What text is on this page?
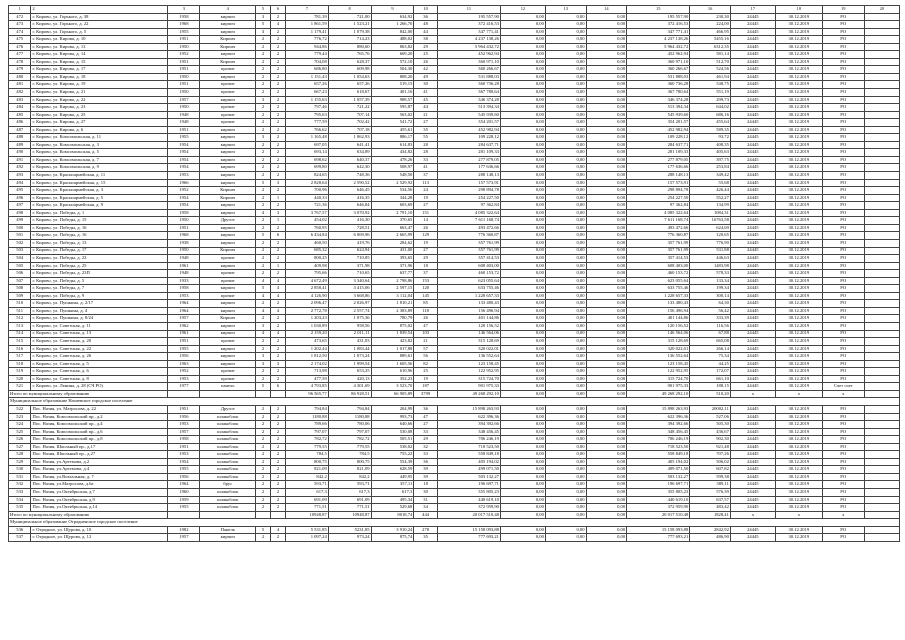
1	2	3	4	5	6	7	8	9	10	11	12	13	14	15	16	17	18	19	20
472	г. Кирово, ул. Горького, д. 38	1958	кирпич	3	2	781,39	721,00	634,92	36	195 557,90	0,00	0,00	0,00	195 557,90	230,30	24445	30.12.2019	РО	
473	г. Кирово, ул. Горького, д. 22	1968	кирпич	5	4	1 861,59	1 523,21	1 266,70	48	372 416,53	0,00	0,00	0,00	372 416,53	224,00	24445	30.12.2019	РО	
474	г. Кирово, ул. Горького, д. 5	1955	кирпич	3	2	1 179,41	1 079,38	842,00	44	347 771,41	0,00	0,00	0,00	347 771,41	466,95	24445	30.12.2019	РО	
475	г. Кирово, ул. Кирова, д. 10	1951	Кирпич	2	2	776,72	714,23	488,02	38	4 237 138,26	0,00	0,00	0,00	4 237 138,26	5455,16	24445	30.12.2019	РО	
476	г. Кирово, ул. Кирова, д. 13	1950	Кирпич	2	2	944,86	880,60	863,82	29	5 964 432,72	0,00	0,00	0,00	5 964 432,72	6312,35	24445	30.12.2019	РО	
477	г. Кирово, ул. Кирова, д. 14	1952	кирпич	2	2	779,44	765,76	669,20	25	452 962,94	0,00	0,00	0,00	452 962,94	581,14	24445	30.12.2019	РО	
478	г. Кирово, ул. Кирова, д. 15	1951	Кирпич	2	2	704,08	628,37	572,10	26	360 971,10	0,00	0,00	0,00	360 971,10	512,70	24445	30.12.2019	РО	
479	г. Кирово, ул. Кирова, д. 17	1951	прочие	2	2	686,80	609,98	504,30	42	360 266,67	0,00	0,00	0,00	360 266,67	524,56	24445	30.12.2019	РО	
480	г. Кирово, ул. Кирова, д. 18	1950	кирпич	2	2	1 151,43	1 054,63	808,20	49	531 888,03	0,00	0,00	0,00	531 888,03	461,94	24445	30.12.2019	РО	
481	г. Кирово, ул. Кирова, д. 19	1951	прочие	2	2	657,26	657,26	519,15	30	360 736,28	0,00	0,00	0,00	360 736,28	548,75	24445	30.12.2019	РО	
482	г. Кирово, ул. Кирова, д. 21	1950	прочие	2	2	667,23	618,67	401,16	41	367 780,64	0,00	0,00	0,00	367 780,64	551,19	24445	30.12.2019	РО	
483	г. Кирово, ул. Кирова, д. 22	1957	кирпич	3	2	1 155,63	1 057,39	988,57	45	346 374,28	0,00	0,00	0,00	346 374,28	299,73	24445	30.12.2019	РО	
484	г. Кирово, ул. Кирова, д. 23	1950	прочие	2	2	797,46	721,22	595,87	44	513 394,34	0,00	0,00	0,00	513 394,34	644,02	24445	30.12.2019	РО	
485	г. Кирово, ул. Кирова, д. 25	1948	прочие	2	2	795,63	707,14	563,02	21	545 939,60	0,00	0,00	0,00	545 939,60	686,16	24445	30.12.2019	РО	
486	г. Кирово, ул. Кирова, д. 27	1948	прочие	2	2	777,59	702,42	541,72	27	354 201,57	0,00	0,00	0,00	354 201,57	455,64	24445	30.12.2019	РО	
487	г. Кирово, ул. Кирова, д. 6	1951	кирпич	2	2	766,62	707,18	455,61	35	452 982,94	0,00	0,00	0,00	452 982,94	589,35	24445	30.12.2019	РО	
488	г. Кирово, ул. Комсомольская, д. 11	1955	кирпич	3	2	1 165,48	1 062,93	886,17	55	109 228,12	0,00	0,00	0,00	109 228,12	93,72	24445	30.12.2019	РО	
489	г. Кирово, ул. Комсомольская, д. 3	1954	кирпич	2	2	697,05	641,41	614,83	28	284 637,71	0,00	0,00	0,00	284 637,71	408,35	24445	30.12.2019	РО	
490	г. Кирово, ул. Комсомольская, д. 5	1954	кирпич	2	2	693,14	634,89	434,82	28	281 109,33	0,00	0,00	0,00	281 109,33	405,63	24445	30.12.2019	РО	
491	г. Кирово, ул. Комсомольская, д. 7	1954	кирпич	2	2	698,62	640,37	478,26	33	277 879,05	0,00	0,00	0,00	277 879,05	397,75	24445	30.12.2019	РО	
492	г. Кирово, ул. Комсомольская, д. 9	1954	кирпич	2	2	699,80	642,30	508,97	41	177 636,66	0,00	0,00	0,00	177 636,66	253,84	24445	30.12.2019	РО	
493	г. Кирово, ул. Красноармейская, д. 11	1953	кирпич	2	2	824,65	748,36	548,50	37	288 148,13	0,00	0,00	0,00	288 148,13	349,42	24445	30.12.2019	РО	
494	г. Кирово, ул. Красноармейская, д. 15	1966	кирпич	5	3	2 828,64	2 590,52	2 529,92	113	157 573,91	0,00	0,00	0,00	157 573,91	55,68	24445	30.12.2019	РО	
495	г. Кирово, ул. Красноармейская, д. 3	1952	Кирпич	2	2	700,96	646,45	534,56	24	298 894,78	0,00	0,00	0,00	298 894,78	426,44	24445	30.12.2019	РО	
496	г. Кирово, ул. Красноармейская, д. 5	1954	Кирпич	2	1	440,33	416,35	344,28	19	254 227,50	0,00	0,00	0,00	254 227,50	552,27	24445	30.12.2019	РО	
497	г. Кирово, ул. Красноармейская, д. 9	1954	кирпич	2	2	721,36	646,84	603,69	27	97 362,84	0,00	0,00	0,00	97 362,84	134,99	24445	30.12.2019	РО	
498	г. Кирово, ул. Победы, д. 1	1958	кирпич	4	3	3 767,57	3 070,92	2 791,10	151	4 085 322,64	0,00	0,00	0,00	4 085 322,64	1084,31	24445	30.12.2019	РО	
499	г. Кирово, ул. Победы, д. 15	1950	Другое	2	1	454,02	416,30	370,65	14	7 611 168,74	0,00	0,00	0,00	7 611 168,74	16763,58	24445	30.12.2019	РО	
500	г. Кирово, ул. Победы, д. 16	1951	кирпич	2	2	760,95	728,51	663,47	26	493 472,66	0,00	0,00	0,00	493 472,66	624,69	24445	30.12.2019	РО	
501	г. Кирово, ул. Победы, д. 16	1968	кирпич	5	6	6 434,84	6 069,96	2 665,99	129	776 360,87	0,00	0,00	0,00	776 360,87	120,65	24445	30.12.2019	РО	
502	г. Кирово, ул. Победы, д. 13	1938	кирпич	2	2	460,50	419,76	284,62	19	357 761,99	0,00	0,00	0,00	357 761,99	776,90	24445	30.12.2019	РО	
503	г. Кирово, ул. Победы, д. 17	1950	Кирпич	2	2	685,32	624,94	431,00	27	357 761,99	0,00	0,00	0,00	357 761,99	531,88	24445	30.12.2019	РО	
504	г. Кирово, ул. Победы, д. 23	1948	прочие	2	2	800,25	710,85	393,65	29	357 414,53	0,00	0,00	0,00	357 414,53	446,63	24445	30.12.2019	РО	
505	г. Кирово, ул. Победы, д. 25	1961	кирпич	2	1	409,98	371,98	371,96	18	608 403,00	0,00	0,00	0,00	608 403,00	1483,98	24445	30.12.2019	РО	
506	г. Кирово, ул. Победы, д. 23П	1948	прочие	2	2	795,66	710,65	637,77	37	460 153,72	0,00	0,00	0,00	460 153,72	578,33	24445	30.12.2019	РО	
507	г. Кирово, ул. Победы, д. 5	1933	прочие	4	4	4 672,49	3 340,64	2 798,86	153	623 055,64	0,00	0,00	0,00	623 055,64	133,34	24445	30.12.2019	РО	
508	г. Кирово, ул. Победы, д. 7	1958	кирпич	5	4	2 858,41	3 415,06	2 597,15	120	633 755,46	0,00	0,00	0,00	633 755,46	199,34	24445	30.12.2019	РО	
509	г. Кирово, ул. Победы, д. 9	1953	прочие	4	4	4 126,90	3 668,86	3 112,04	145	1 228 657,33	0,00	0,00	0,00	1 228 657,33	300,14	24445	30.12.2019	РО	
510	г. Кирово, ул. Пушкина, д. 2/17	1964	кирпич	2	2	2 096,47	2 026,97	1 810,21	85	133 480,43	0,00	0,00	0,00	133 480,43	64,30	24445	30.12.2019	РО	
511	г. Кирово, ул. Пушкина, д. 4	1964	кирпич	4	4	2 772,78	2 557,74	2 383,89	118	156 496,94	0,00	0,00	0,00	156 496,94	56,42	24445	30.12.2019	РО	
512	г. Кирово, ул. Пушкина, д. 8/24	1957	Кирпич	2	2	1 203,23	1 075,36	780,79	26	401 144,86	0,00	0,00	0,00	401 144,86	333,39	24445	30.12.2019	РО	
513	г. Кирово, ул. Советская, д. 11	1962	кирпич	3	2	1 030,89	958,56	875,02	47	120 156,52	0,00	0,00	0,00	120 156,52	116,56	24445	30.12.2019	РО	
514	г. Кирово, ул. Советская, д. 13	1961	кирпич	4	4	2 159,20	2 011,11	1 839,54	103	146 564,06	0,00	0,00	0,00	146 564,06	67,88	24445	30.12.2019	РО	
515	г. Кирово, ул. Советская, д. 20	1951	прочие	2	2	473,65	431,03	423,82	21	315 128,69	0,00	0,00	0,00	315 128,69	665,08	24445	30.12.2019	РО	
516	г. Кирово, ул. Советская, д. 22	1955	кирпич	2	2	1 202,44	1 083,44	1 017,88	57	320 022,01	0,00	0,00	0,00	320 022,01	266,14	24445	30.12.2019	РО	
517	г. Кирово, ул. Советская, д. 26	1956	кирпич	3	2	1 812,50	1 073,24	889,61	56	136 552,64	0,00	0,00	0,00	136 552,64	75,34	24445	30.12.2019	РО	
518	г. Кирово, ул. Советская, д. 5	1963	кирпич	3	3	2 174,02	1 999,54	1 605,56	82	123 158,45	0,00	0,00	0,00	123 158,45	44,25	24445	30.12.2019	РО	
519	г. Кирово, ул. Советская, д. 6	1952	прочие	2	2	713,98	653,25	610,96	25	122 952,95	0,00	0,00	0,00	122 952,95	172,07	24445	30.12.2019	РО	
520	г. Кирово, ул. Советская, д. 8	1953	прочие	2	2	477,59	420,13	352,23	19	315 724,70	0,00	0,00	0,00	315 724,70	661,10	24445	30.12.2019	РО	
521	г. Кирово, ул. Ленина, д. 28 (СЧ РО)	1977	панель	5	6	4 793,85	4 301,69	3 523,70	187	901 975,33	0,00	0,00	0,00	901 975,33	188,15	24445	30.12.2019	Счет счет	
Итого по муниципальному образованию						96 565,77	86 928,51	66 905,89	3799	49 268 292,10	0,00	0,00	0,00	49 268 292,10	510,20	x	x	x	
Муниципальное образование Назиевское городское поселение																			
522	Пос. Назия, ул. Матросова, д. 22	1951	Другое	2	2	794,84	794,84	204,99	36	15 898 263,93	0,00	0,00	0,00	15 898 263,93	20002,11	24445	30.12.2019	РО	
523	Пос. Назия, Комсомольский пр., д.2	1956	шлакоблок	2	2	1180,88	1180,88	993,73	47	622 396,36	0,00	0,00	0,00	622 396,36	527,06	24445	30.12.2019	РО	
524	Пос. Назия, Комсомольский пр., д.4	1953	шлакоблок	2	2	789,66	780,06	640,66	27	394 392,66	0,00	0,00	0,00	394 392,66	505,30	24445	30.12.2019	РО	
525	Пос. Назия, Комсомольский пр., д.6	1957	шлакоблок	2	2	797,07	797,07	530,08	33	348 456,45	0,00	0,00	0,00	348 456,45	436,67	24445	30.12.2019	РО	
526	Пос. Назия, Комсомольский пр., д.8	1958	шлакоблок	2	2	782,72	782,72	505,51	29	706 246,19	0,00	0,00	0,00	706 246,19	902,30	24445	30.12.2019	РО	
527	Пос. Назия, Школьный пр., д.17	1951	шлакоблок	2	2	779,55	779,55	538,02	32	718 523,50	0,00	0,00	0,00	718 523,50	921,48	24445	30.12.2019	РО	
528	Пос. Назия, Школьный пр., д.27	1953	шлакоблок	2	2	784,5	784,5	755,22	33	558 849,18	0,00	0,00	0,00	558 849,18	707,26	24445	30.12.2019	РО	
529	Пос. Назия, ул.Артемова, д.2	1954	шлакоблок	2	2	800,75	800,75	554,39	36	405 194,02	0,00	0,00	0,00	405 194,02	506,02	24445	30.12.2019	РО	
530	Пос. Назия, ул.Артемова, д.4	1955	шлакоблок	2	2	821,09	821,09	628,59	39	499 071,50	0,00	0,00	0,00	499 071,50	607,82	24445	30.12.2019	РО	
531	Пос. Назия, ул.Вокзальная, д. 7	1956	шлакоблок	2	2	842,2	842,2	449,95	39	503 132,27	0,00	0,00	0,00	503 132,27	599,38	24445	30.12.2019	РО	
532	Пос. Назия, ул.Матросова, д.6а	1964	брус	2	2	593,71	593,71	357,11	18	196 697,71	0,00	0,00	0,00	196 697,71	389,11	24445	30.12.2019	РО	
533	Пос. Назия, ул.Октябрьская, д.7	1960	шлакоблок	2	2	617,3	617,3	617,3	30	355 805,23	0,00	0,00	0,00	355 805,23	576,39	24445	30.12.2019	РО	
534	Пос. Назия, ул.Октябрьская, д.9	1959	шлакоблок	2	2	691,09	691,09	495,34	31	440 619,10	0,00	0,00	0,00	440 619,10	637,57	24445	30.12.2019	РО	
535	Пос. Назия, ул.Октябрьская, д.14	1955	шлакоблок	2	2	771,51	771,51	529,68	34	372 959,90	0,00	0,00	0,00	372 959,90	483,42	24445	30.12.2019	РО	
Итого по муниципальному образованию						10948,87	10948,87	8018,74	444	20 017 510,48	0,00	0,00	0,00	20 017 510,48	1828,41	x	x	x	
Муниципальное образование Отрадненское городское поселение																			
536	г. Отрадное, ул. Щурова, д. 10	1982	Панель	5	4	5 531,85	5231,85	3 910,24	278	15 158 093,88	0,00	0,00	0,00	15 158 093,88	2842,92	24445	30.12.2019	РО	
537	г. Отрадное, ул. Щурова, д. 12	1957	кирпич	2	2	1 097,24	973,24	875,74	35	777 693,21	0,00	0,00	0,00	777 693,21	486,90	24445	30.12.2019	РО	
